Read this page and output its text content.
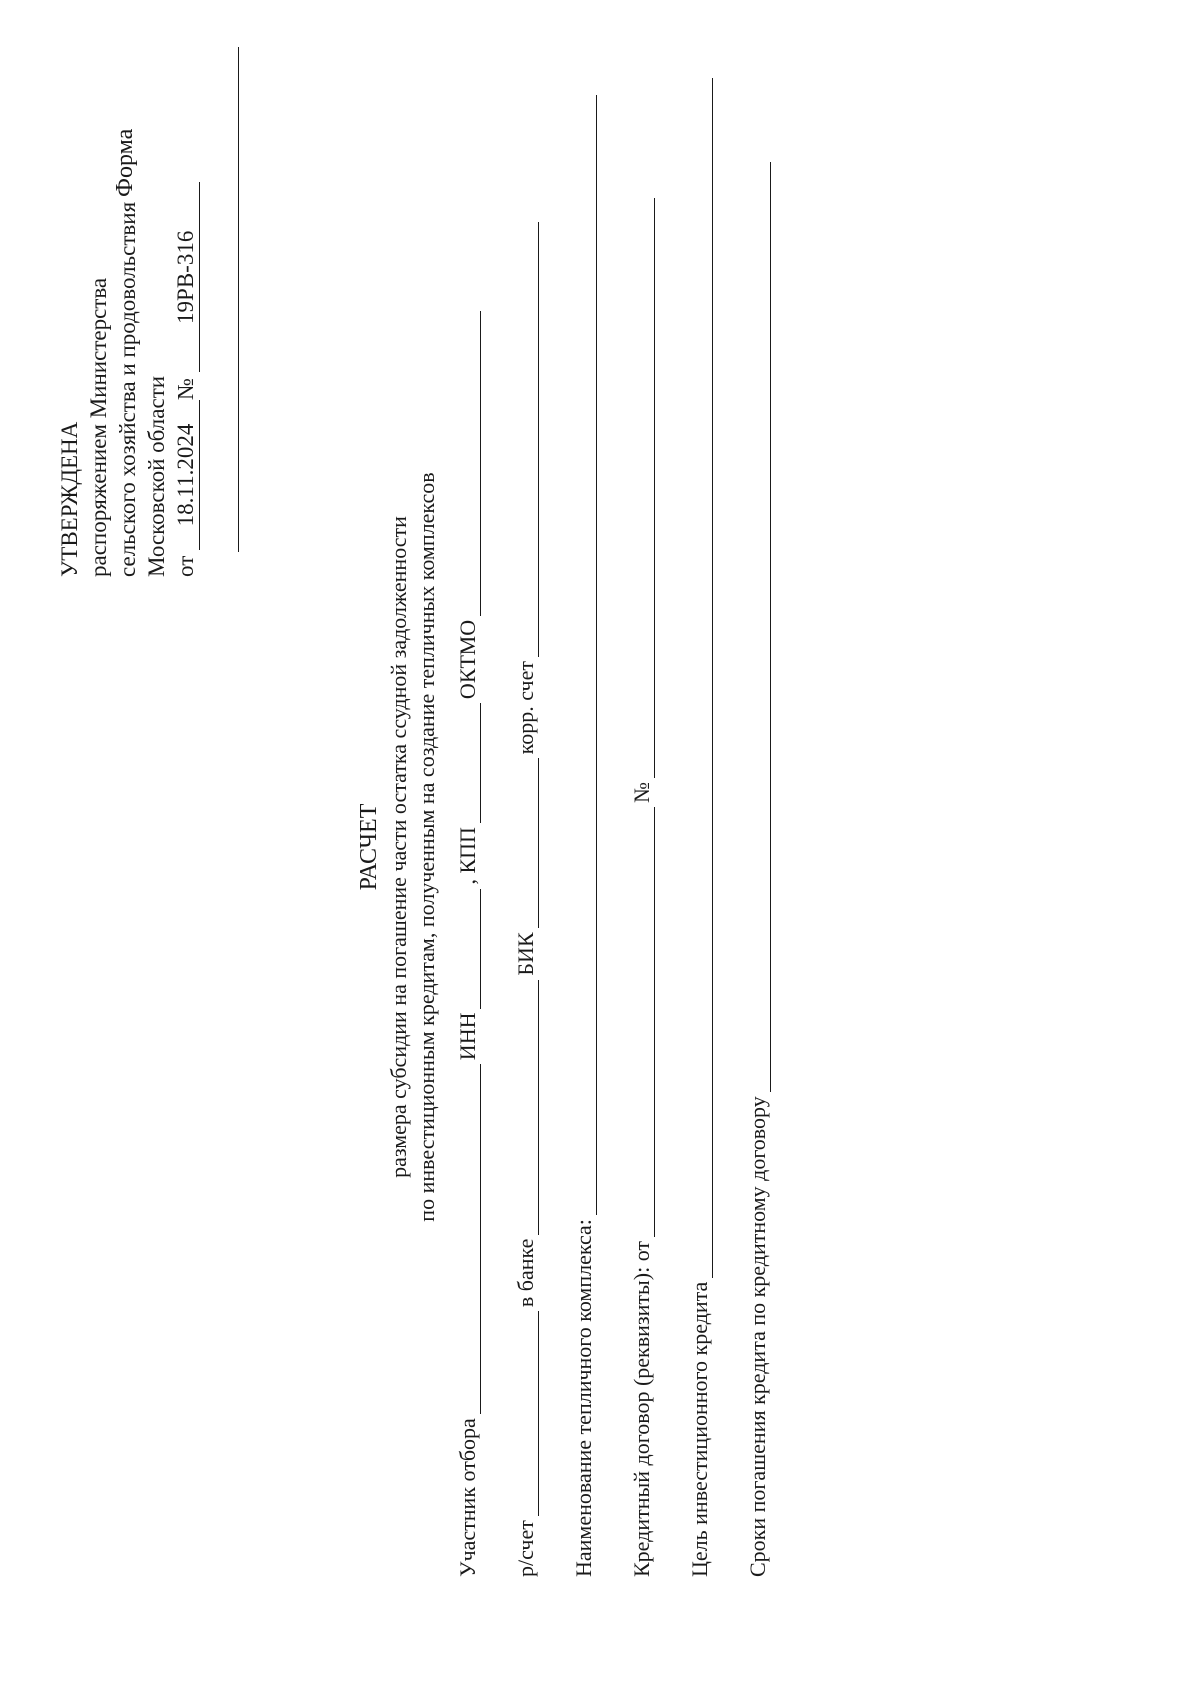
УТВЕРЖДЕНА распоряжением Министерства сельского хозяйства и продовольствия Московской области от 18.11.2024№ 19РВ-316
Форма
РАСЧЕТ размера субсидии на погашение части остатка ссудной задолженности по инвестиционным кредитам, полученным на создание тепличных комплексов
Участник отбора
ИНН
, КПП
ОКТМО
р/счет
в банке
БИК
корр. счет
Наименование тепличного комплекса: Кредитный договор (реквизиты): от
№
Цель инвестиционного кредита Сроки погашения кредита по кредитному договору
